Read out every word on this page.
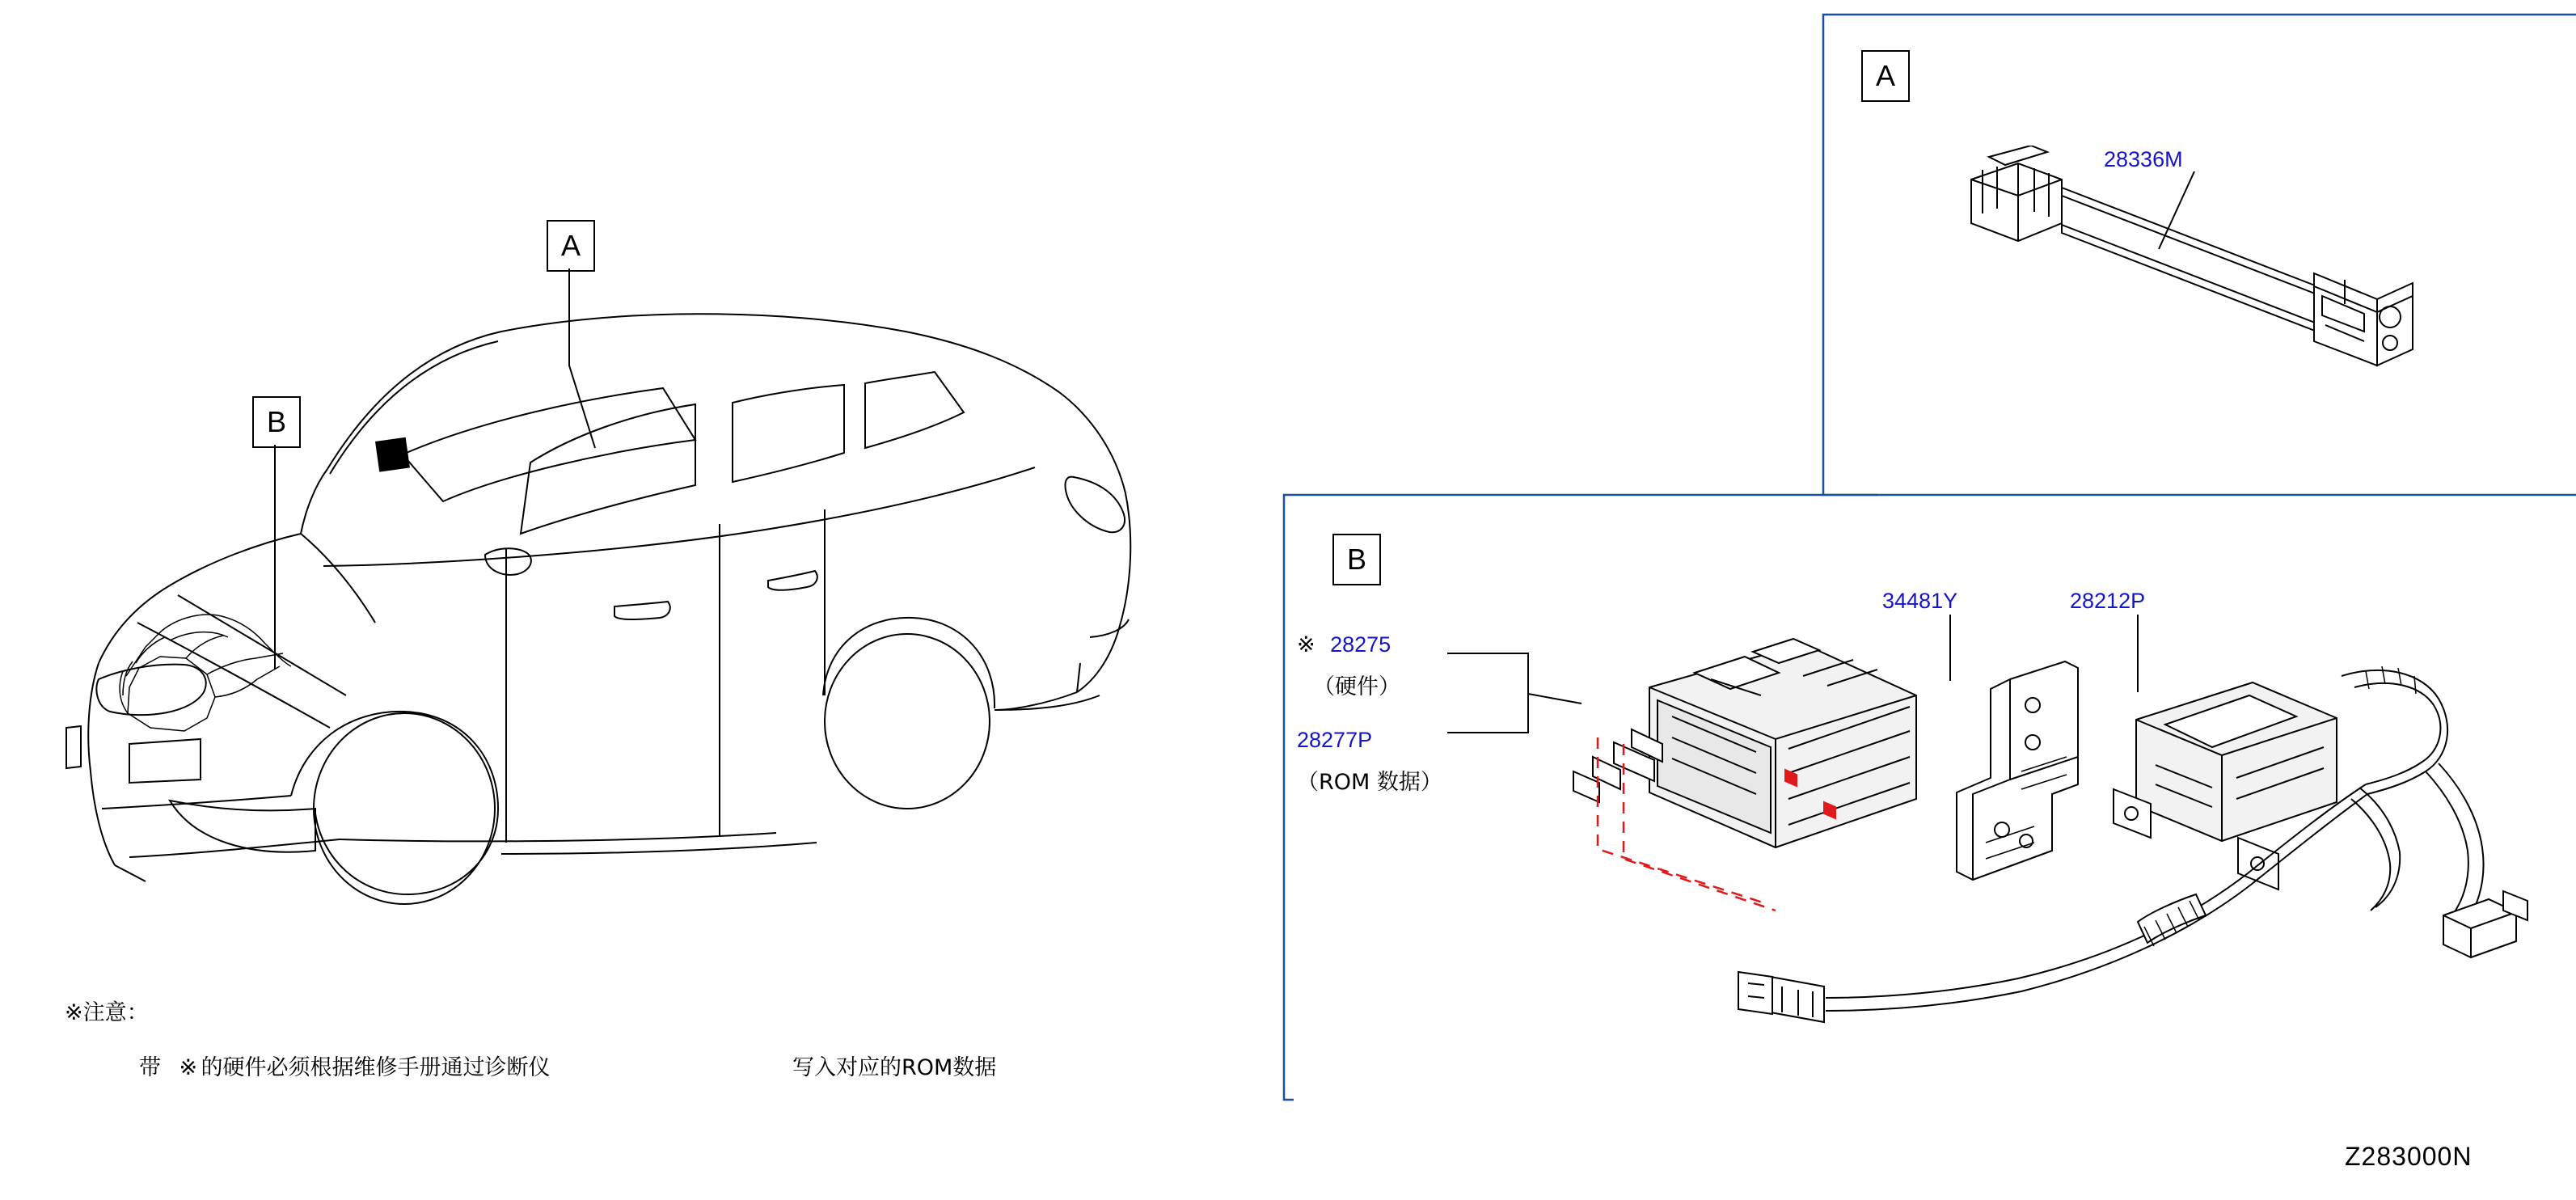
A
B
A
28336M
B
※ 28275
（硬件）
28277P
（ROM 数据）
34481Y	28212P
※注意：
带 ※ 的硬件必须根据维修手册通过诊断仪	写入对应的ROM数据
Z283000N
